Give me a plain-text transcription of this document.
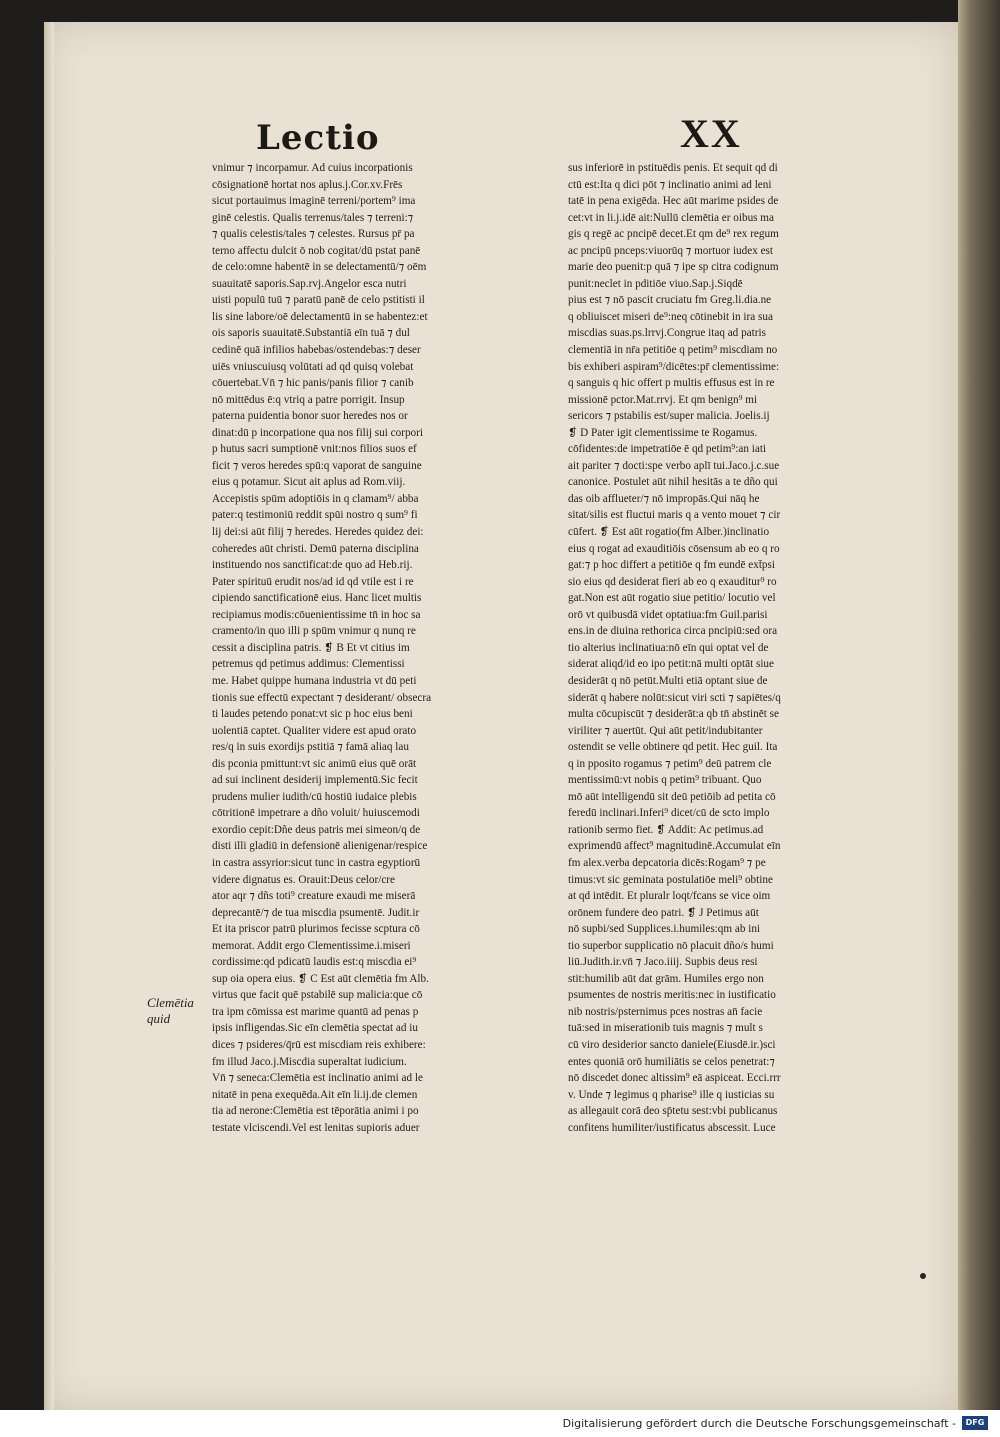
Lectio	XX
vnimur ⁊ incorpamur. Ad cuius incorpationis
cōsignationē hortat nos aplus.j.Cor.xv.Frēs
sicut portauimus imaginē terreni/portem⁹ ima
ginē celestis. Qualis terrenus/tales ⁊ terreni:⁊
⁊ qualis celestis/tales ⁊ celestes. Rursus pr̄ pa
terno affectu dulcit ō nob cogitat/dū pstat panē
de celo:omne habentē in se delectamentū/⁊ oēm
suauitatē saporis.Sap.rvj.Angelor esca nutri
uisti populū tuū ⁊ paratū panē de celo pstitisti il
lis sine labore/oē delectamentū in se habentez:et
ois saporis suauitatē.Substantiā eīn tuā ⁊ dul
cedinē quā infilios habebas/ostendebas:⁊ deser
uiēs vniuscuiusq volūtati ad qd quisq volebat
cōuertebat.Vn̄ ⁊ hic panis/panis filior ⁊ canib
nō mittēdus ē:q vtriq a patre porrigit. Insup
paterna puidentia bonor suor heredes nos or
dinat:dū p incorpatione qua nos filij sui corpori
p hutus sacri sumptionē vnit:nos filios suos ef
ficit ⁊ veros heredes spū:q vaporat de sanguine
eius q potamur. Sicut ait aplus ad Rom.viij.
Accepistis spūm adoptiōis in q clamam⁹/ abba
pater:q testimoniū reddit spūi nostro q sum⁹ fi
lij dei:si aūt filij ⁊ heredes. Heredes quidez dei:
coheredes aūt christi. Demū paterna disciplina
instituendo nos sanctificat:de quo ad Heb.rij.
Pater spirituū erudit nos/ad id qd vtile est i re
cipiendo sanctificationē eius. Hanc licet multis
recipiamus modis:cōuenientissime tn̄ in hoc sa
cramento/in quo illi p spūm vnimur q nunq re
cessit a disciplina patris. ❡ B Et vt citius im
petremus qd petimus addimus: Clementissi
me. Habet quippe humana industria vt dū peti
tionis sue effectū expectant ⁊ desiderant/ obsecra
ti laudes petendo ponat:vt sic p hoc eius beni
uolentiā captet. Qualiter videre est apud orato
res/q in suis exordijs pstitiā ⁊ famā aliaq lau
dis pconia pmittunt:vt sic animū eius quē orāt
ad sui inclinent desiderij implementū.Sic fecit
prudens mulier iudith/cū hostiū iudaice plebis
cōtritionē impetrare a dño voluit/ huiuscemodi
exordio cepit:Dñe deus patris mei simeon/q de
disti illi gladiū in defensionē alienigenar/respice
in castra assyrior:sicut tunc in castra egyptiorū
videre dignatus es. Orauit:Deus celor/cre
ator aqr ⁊ dñs toti⁹ creature exaudi me miserā
deprecantē/⁊ de tua miscdia psumentē. Judit.ir
Et ita priscor patrū plurimos fecisse scptura cō
memorat. Addit ergo Clementissime.i.miseri
cordissime:qd pdicatū laudis est:q miscdia ei⁹
sup oia opera eius. ❡ C Est aūt clemētia fm Alb.
virtus que facit quē pstabilē sup malicia:que cō
tra ipm cōmissa est marime quantū ad penas p
ipsis infligendas.Sic eīn clemētia spectat ad iu
dices ⁊ psideres/q̄rū est miscdiam reis exhibere:
fm illud Jaco.j.Miscdia superaltat iudicium.
Vn̄ ⁊ seneca:Clemētia est inclinatio animi ad le
nitatē in pena exequēda.Ait eīn li.ij.de clemen
tia ad nerone:Clemētia est tēporātia animi i po
testate vlciscendi.Vel est lenitas supioris aduer
sus inferiorē in pstituēdis penis. Et sequit qd di
ctū est:Ita q dici pōt ⁊ inclinatio animi ad leni
tatē in pena exigēda. Hec aūt marime psides de
cet:vt in li.j.idē ait:Nullū clemētia er oibus ma
gis q regē ac pncipē decet.Et qm de⁹ rex regum
ac pncipū pnceps:viuorūq ⁊ mortuor iudex est
marie deo puenit:p quā ⁊ ipe sp citra codignum
punit:neclet in pditiōe viuo.Sap.j.Siqdē
pius est ⁊ nō pascit cruciatu fm Greg.li.dia.ne
q obliuiscet miseri de⁹:neq cōtinebit in ira sua
miscdias suas.ps.lrrvj.Congrue itaq ad patris
clementiā in nr̄a petitiōe q petim⁹ miscdiam no
bis exhiberi aspiram⁹/dicētes:pr̄ clementissime:
q sanguis q hic offert p multis effusus est in re
missionē pctor.Mat.rrvj. Et qm benign⁹ mi
sericors ⁊ pstabilis est/super malicia. Joelis.ij
❡ D Pater igit clementissime te Rogamus.
cōfidentes:de impetratiōe ē qd petim⁹:an iati
ait pariter ⁊ docti:spe verbo aplī tui.Jaco.j.c.sue
canonice. Postulet aūt nihil hesitās a te dño qui
das oib afflueter/⁊ nō impropās.Qui nāq he
sitat/silis est fluctui maris q a vento mouet ⁊ cir
cūfert. ❡ Est aūt rogatio(fm Alber.)inclinatio
eius q rogat ad exauditiōis cōsensum ab eo q ro
gat:⁊ p hoc differt a petitiōe q fm eundē ext̄psi
sio eius qd desiderat fieri ab eo q exauditur⁹ ro
gat.Non est aūt rogatio siue petitio/ locutio vel
orō vt quibusdā videt optatiua:fm Guil.parisi
ens.in de diuina rethorica circa pncipiū:sed ora
tio alterius inclinatiua:nō eīn qui optat vel de
siderat aliqd/id eo ipo petit:nā multi optāt siue
desiderāt q nō petūt.Multi etiā optant siue de
siderāt q habere nolūt:sicut viri scti ⁊ sapiētes/q
multa cōcupiscūt ⁊ desiderāt:a qb tn̄ abstinēt se
viriliter ⁊ auertūt. Qui aūt petit/indubitanter
ostendit se velle obtinere qd petit. Hec guil. Ita
q in pposito rogamus ⁊ petim⁹ deū patrem cle
mentissimū:vt nobis q petim⁹ tribuant. Quo
mō aūt intelligendū sit deū petiōib ad petita cō
feredū inclinari.Inferi⁹ dicet/cū de scto implo
rationib sermo fiet. ❡ Addit: Ac petimus.ad
exprimendū affect⁹ magnitudinē.Accumulat eīn
fm alex.verba depcatoria dicēs:Rogam⁹ ⁊ pe
timus:vt sic geminata postulatiōe meli⁹ obtine
at qd intēdit. Et pluralr loqt/fcans se vice oim
orōnem fundere deo patri. ❡ J Petimus aūt
nō supbi/sed Supplices.i.humiles:qm ab ini
tio superbor supplicatio nō placuit dño/s humi
liū.Judith.ir.vn̄ ⁊ Jaco.iiij. Supbis deus resi
stit:humilib aūt dat grām. Humiles ergo non
psumentes de nostris meritis:nec in iustificatio
nib nostris/psternimus pces nostras an̄ facie
tuā:sed in miserationib tuis magnis ⁊ mult s
cū viro desiderior sancto daniele(Eiusdē.ir.)sci
entes quoniā orō humiliātis se celos penetrat:⁊
nō discedet donec altissim⁹ eā aspiceat. Ecci.rrr
v. Unde ⁊ legimus q pharise⁹ ille q iusticias su
as allegauit corā deo sp̄tetu sest:vbi publicanus
confitens humiliter/iustificatus abscessit. Luce
Clemētia
quid
Digitalisierung gefördert durch die Deutsche Forschungsgemeinschaft -	DFG
